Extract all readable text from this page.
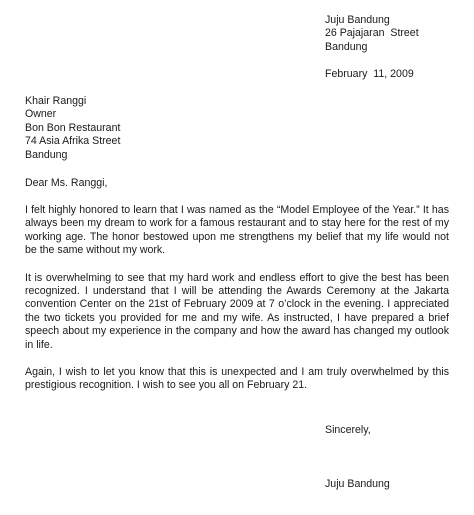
Juju Bandung
26 Pajajaran  Street
Bandung
February  11, 2009
Khair Ranggi
Owner
Bon Bon Restaurant
74 Asia Afrika Street
Bandung
Dear Ms. Ranggi,

I felt highly honored to learn that I was named as the “Model Employee of the Year.” It has always been my dream to work for a famous restaurant and to stay here for the rest of my working age. The honor bestowed upon me strengthens my belief that my life would not be the same without my work.

It is overwhelming to see that my hard work and endless effort to give the best has been recognized. I understand that I will be attending the Awards Ceremony at the Jakarta convention Center on the 21st of February 2009 at 7 o’clock in the evening. I appreciated the two tickets you provided for me and my wife. As instructed, I have prepared a brief speech about my experience in the company and how the award has changed my outlook in life.

Again, I wish to let you know that this is unexpected and I am truly overwhelmed by this prestigious recognition. I wish to see you all on February 21.

Sincerely,
Juju Bandung
